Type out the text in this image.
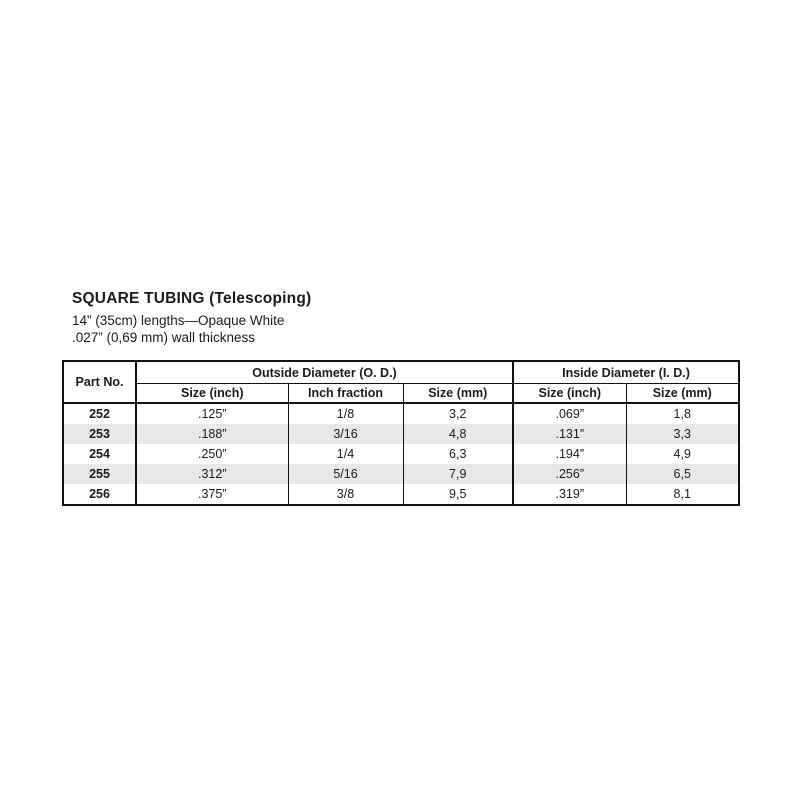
SQUARE TUBING (Telescoping)

14” (35cm) lengths—Opaque White

.027” (0,69 mm) wall thickness

Part No.	Outside Diameter (O. D.)			Inside Diameter (I. D.)	
	Size (inch)	Inch fraction	Size (mm)	Size (inch)	Size (mm)
252	.125”	1/8	3,2	.069”	1,8
253	.188”	3/16	4,8	.131”	3,3
254	.250”	1/4	6,3	.194”	4,9
255	.312”	5/16	7,9	.256”	6,5
256	.375”	3/8	9,5	.319”	8,1
